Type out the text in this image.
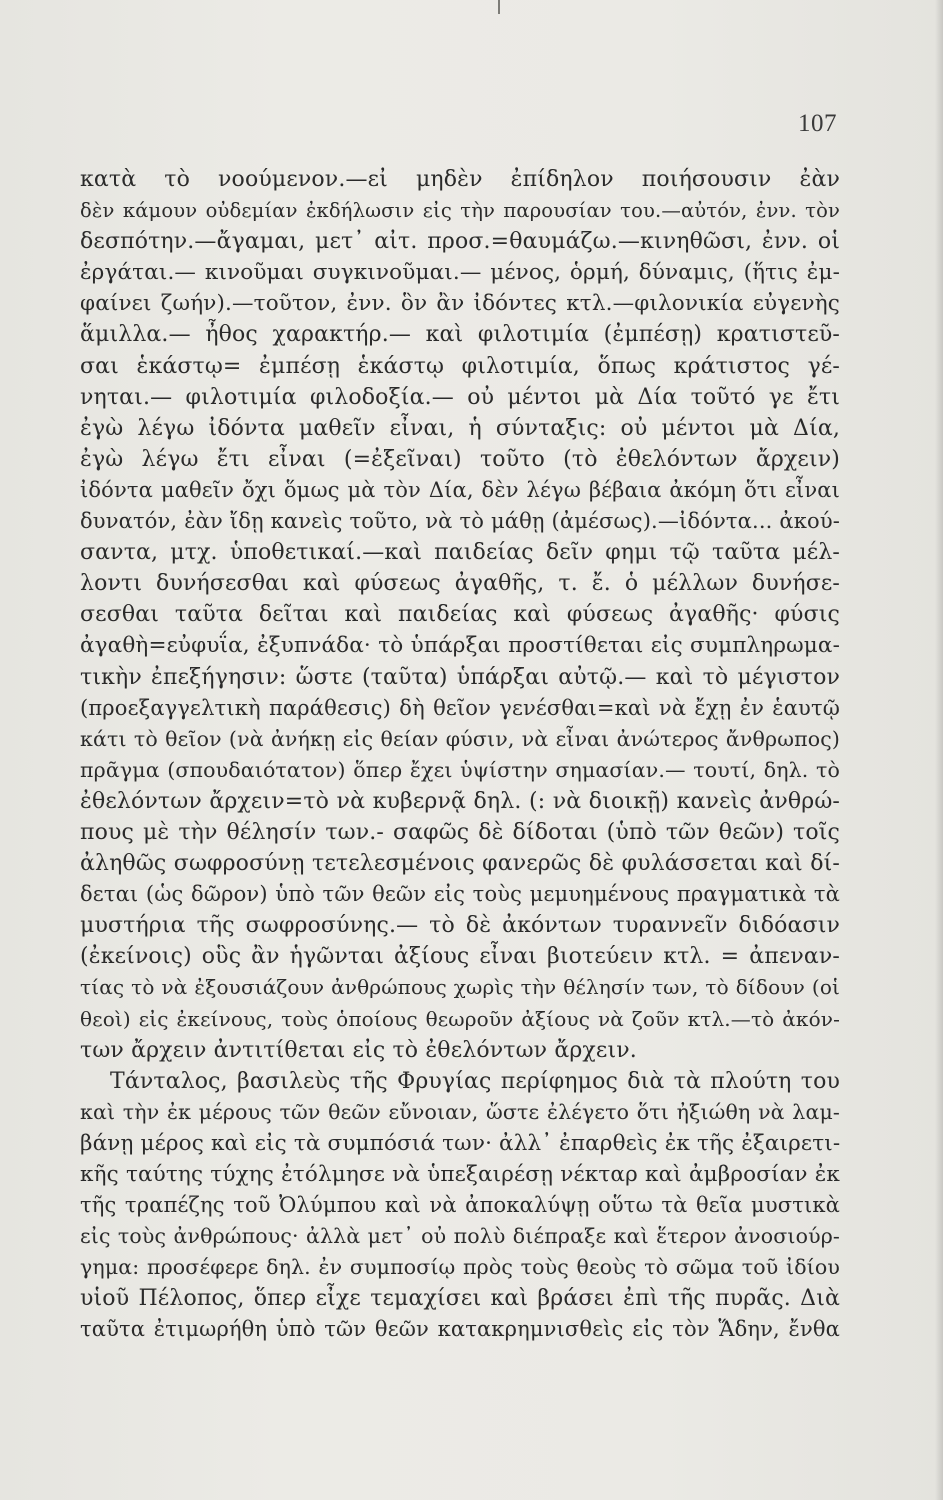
107
κατὰ τὸ νοούμενον.—εἰ μηδὲν ἐπίδηλον ποιήσουσιν ἐὰν
δὲν κάμουν οὐδεμίαν ἐκδήλωσιν εἰς τὴν παρουσίαν του.—αὐτόν, ἐνν. τὸν
δεσπότην.—ἄγαμαι, μετ᾿ αἰτ. προσ.=θαυμάζω.—κινηθῶσι, ἐνν. οἱ
ἐργάται.— κινοῦμαι συγκινοῦμαι.— μένος, ὁρμή, δύναμις, (ἥτις ἐμ-
φαίνει ζωήν).—τοῦτον, ἐνν. ὃν ἂν ἰδόντες κτλ.—φιλονικία εὐγενὴς
ἅμιλλα.— ἦθος χαρακτήρ.— καὶ φιλοτιμία (ἐμπέσῃ) κρατιστεῦ-
σαι ἑκάστῳ= ἐμπέσῃ ἑκάστῳ φιλοτιμία, ὅπως κράτιστος γέ-
νηται.— φιλοτιμία φιλοδοξία.— οὐ μέντοι μὰ Δία τοῦτό γε ἔτι
ἐγὼ λέγω ἰδόντα μαθεῖν εἶναι, ἡ σύνταξις: οὐ μέντοι μὰ Δία,
ἐγὼ λέγω ἔτι εἶναι (=ἐξεῖναι) τοῦτο (τὸ ἐθελόντων ἄρχειν)
ἰδόντα μαθεῖν ὄχι ὅμως μὰ τὸν Δία, δὲν λέγω βέβαια ἀκόμη ὅτι εἶναι
δυνατόν, ἐὰν ἴδῃ κανεὶς τοῦτο, νὰ τὸ μάθῃ (ἀμέσως).—ἰδόντα... ἀκού-
σαντα, μτχ. ὑποθετικαί.—καὶ παιδείας δεῖν φημι τῷ ταῦτα μέλ-
λοντι δυνήσεσθαι καὶ φύσεως ἀγαθῆς, τ. ἔ. ὁ μέλλων δυνήσε-
σεσθαι ταῦτα δεῖται καὶ παιδείας καὶ φύσεως ἀγαθῆς· φύσις
ἀγαθὴ=εὐφυΐα, ἐξυπνάδα· τὸ ὑπάρξαι προστίθεται εἰς συμπληρωμα-
τικὴν ἐπεξήγησιν: ὥστε (ταῦτα) ὑπάρξαι αὐτῷ.— καὶ τὸ μέγιστον
(προεξαγγελτικὴ παράθεσις) δὴ θεῖον γενέσθαι=καὶ νὰ ἔχῃ ἐν ἑαυτῷ
κάτι τὸ θεῖον (νὰ ἀνήκῃ εἰς θείαν φύσιν, νὰ εἶναι ἀνώτερος ἄνθρωπος)
πρᾶγμα (σπουδαιότατον) ὅπερ ἔχει ὑψίστην σημασίαν.— τουτί, δηλ. τὸ
ἐθελόντων ἄρχειν=τὸ νὰ κυβερνᾷ δηλ. (: νὰ διοικῇ) κανεὶς ἀνθρώ-
πους μὲ τὴν θέλησίν των.- σαφῶς δὲ δίδοται (ὑπὸ τῶν θεῶν) τοῖς
ἀληθῶς σωφροσύνῃ τετελεσμένοις φανερῶς δὲ φυλάσσεται καὶ δί-
δεται (ὡς δῶρον) ὑπὸ τῶν θεῶν εἰς τοὺς μεμυημένους πραγματικὰ τὰ
μυστήρια τῆς σωφροσύνης.— τὸ δὲ ἀκόντων τυραννεῖν διδόασιν
(ἐκείνοις) οὓς ἂν ἡγῶνται ἀξίους εἶναι βιοτεύειν κτλ. = ἀπεναν-
τίας τὸ νὰ ἐξουσιάζουν ἀνθρώπους χωρὶς τὴν θέλησίν των, τὸ δίδουν (οἱ
θεοὶ) εἰς ἐκείνους, τοὺς ὁποίους θεωροῦν ἀξίους νὰ ζοῦν κτλ.—τὸ ἀκόν-
των ἄρχειν ἀντιτίθεται εἰς τὸ ἐθελόντων ἄρχειν.
Τάνταλος, βασιλεὺς τῆς Φρυγίας περίφημος διὰ τὰ πλούτη του
καὶ τὴν ἐκ μέρους τῶν θεῶν εὔνοιαν, ὥστε ἐλέγετο ὅτι ἠξιώθη νὰ λαμ-
βάνῃ μέρος καὶ εἰς τὰ συμπόσιά των· ἀλλ᾿ ἐπαρθεὶς ἐκ τῆς ἐξαιρετι-
κῆς ταύτης τύχης ἐτόλμησε νὰ ὑπεξαιρέσῃ νέκταρ καὶ ἀμβροσίαν ἐκ
τῆς τραπέζης τοῦ Ὀλύμπου καὶ νὰ ἀποκαλύψῃ οὕτω τὰ θεῖα μυστικὰ
εἰς τοὺς ἀνθρώπους· ἀλλὰ μετ᾿ οὐ πολὺ διέπραξε καὶ ἕτερον ἀνοσιούρ-
γημα: προσέφερε δηλ. ἐν συμποσίῳ πρὸς τοὺς θεοὺς τὸ σῶμα τοῦ ἰδίου
υἱοῦ Πέλοπος, ὅπερ εἶχε τεμαχίσει καὶ βράσει ἐπὶ τῆς πυρᾶς. Διὰ
ταῦτα ἐτιμωρήθη ὑπὸ τῶν θεῶν κατακρημνισθεὶς εἰς τὸν Ἅδην, ἔνθα
